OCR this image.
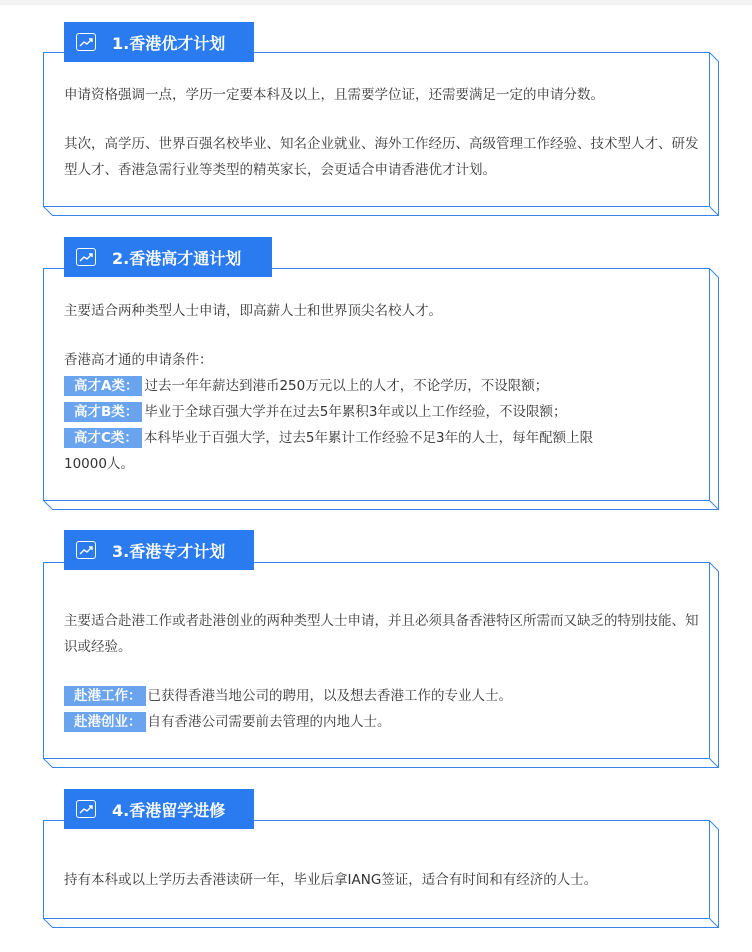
1.香港优才计划

申请资格强调一点，学历一定要本科及以上，且需要学位证，还需要满足一定的申请分数。

其次，高学历、世界百强名校毕业、知名企业就业、海外工作经历、高级管理工作经验、技术型人才、研发型人才、香港急需行业等类型的精英家长，会更适合申请香港优才计划。

2.香港高才通计划

主要适合两种类型人士申请，即高薪人士和世界顶尖名校人才。

香港高才通的申请条件：

高才A类： 过去一年年薪达到港币250万元以上的人才，不论学历，不设限额；

高才B类： 毕业于全球百强大学并在过去5年累积3年或以上工作经验，不设限额；

高才C类： 本科毕业于百强大学，过去5年累计工作经验不足3年的人士，每年配额上限

10000人。

3.香港专才计划

主要适合赴港工作或者赴港创业的两种类型人士申请，并且必须具备香港特区所需而又缺乏的特别技能、知识或经验。

赴港工作： 已获得香港当地公司的聘用，以及想去香港工作的专业人士。

赴港创业： 自有香港公司需要前去管理的内地人士。

4.香港留学进修

持有本科或以上学历去香港读研一年，毕业后拿IANG签证，适合有时间和有经济的人士。
